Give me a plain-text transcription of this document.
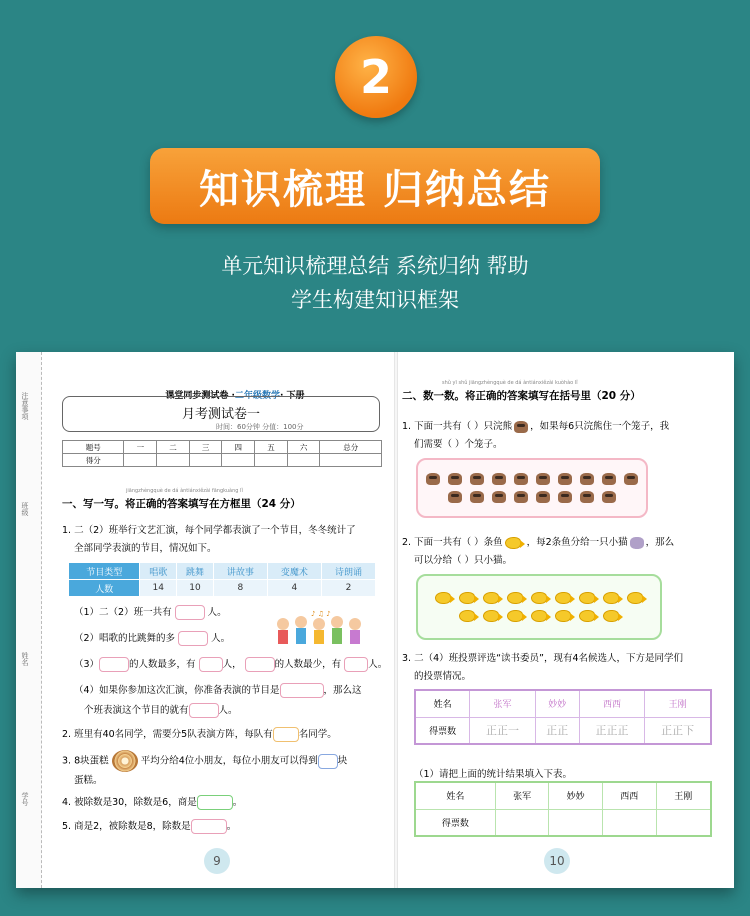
2
知识梳理 归纳总结
单元知识梳理总结 系统归纳 帮助
学生构建知识框架
注意事项
班级
姓名
学号
课堂同步测试卷 ·二年级数学· 下册
月考测试卷一
时间：60分钟 分值：100分
题号	一	二	三	四	五	六	总分
得分							
jiāngzhèngquè de dá àntiánxiězài fāngkuàng lǐ
一、写一写。将正确的答案填写在方框里（24 分）
1. 二（2）班举行文艺汇演，每个同学都表演了一个节目，冬冬统计了
全部同学表演的节目，情况如下。
节目类型	唱歌	跳舞	讲故事	变魔术	诗朗诵
人数	14	10	8	4	2
♪ ♫ ♪
（1）二（2）班一共有	人。
（2）唱歌的比跳舞的多	人。
（3）	的人数最多，有	人，	的人数最少，有	人。
（4）如果你参加这次汇演，你准备表演的节目是	，那么这
个班表演这个节目的就有	人。
2. 班里有40名同学，需要分5队表演方阵，每队有	名同学。
3. 8块蛋糕	平均分给4位小朋友，每位小朋友可以得到 块
蛋糕。
4. 被除数是30，除数是6，商是	。
5. 商是2，被除数是8，除数是	。
9
shǔ yī shǔ jiāngzhèngquè de dá àntiánxiězài kuòhào lǐ
二、数一数。将正确的答案填写在括号里（20 分）
1. 下面一共有（ ）只浣熊 ，如果每6只浣熊住一个笼子，我
们需要（ ）个笼子。
2. 下面一共有（ ）条鱼	，每2条鱼分给一只小猫 ，那么
可以分给（ ）只小猫。
3. 二（4）班投票评选“读书委员”，现有4名候选人，下方是同学们
的投票情况。
姓名	张军	妙妙	西西	王刚
得票数	正正一	正正	正正正	正正下
（1）请把上面的统计结果填入下表。
姓名	张军	妙妙	西西	王刚
得票数				
10
